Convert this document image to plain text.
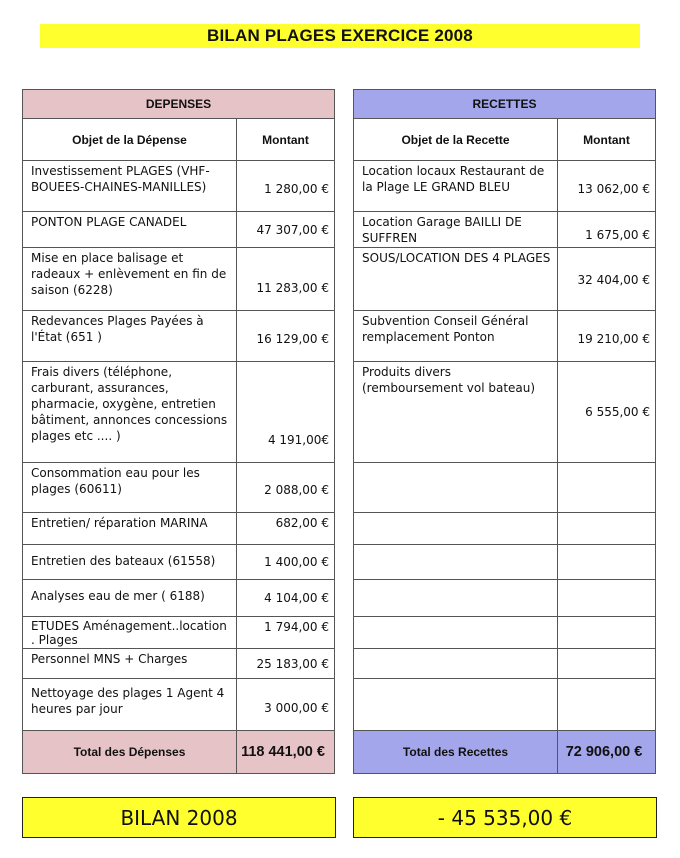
BILAN PLAGES EXERCICE 2008
DEPENSES	
Objet de la Dépense	Montant
Investissement PLAGES (VHF-BOUEES-CHAINES-MANILLES)	1 280,00 €
PONTON PLAGE CANADEL	47 307,00 €
Mise en place balisage et radeaux + enlèvement en fin de saison (6228)	11 283,00 €
Redevances Plages Payées à l'État (651 )	16 129,00 €
Frais divers (téléphone, carburant, assurances, pharmacie, oxygène, entretien bâtiment, annonces concessions plages etc .... )	4 191,00€
Consommation eau pour les plages (60611)	2 088,00 €
Entretien/ réparation MARINA	682,00 €
Entretien des bateaux (61558)	1 400,00 €
Analyses eau de mer ( 6188)	4 104,00 €
ETUDES Aménagement..location . Plages	1 794,00 €
Personnel MNS + Charges	25 183,00 €
Nettoyage des plages 1 Agent 4 heures par jour	3 000,00 €
Total des Dépenses	118 441,00 €
RECETTES	
Objet de la Recette	Montant
Location locaux Restaurant de la Plage LE GRAND BLEU	13 062,00 €
Location Garage BAILLI DE SUFFREN	1 675,00 €
SOUS/LOCATION DES 4 PLAGES	32 404,00 €
Subvention Conseil Général remplacement Ponton	19 210,00 €
Produits divers (remboursement vol bateau)	6 555,00 €

Total des Recettes	72 906,00 €
BILAN 2008	- 45 535,00 €
